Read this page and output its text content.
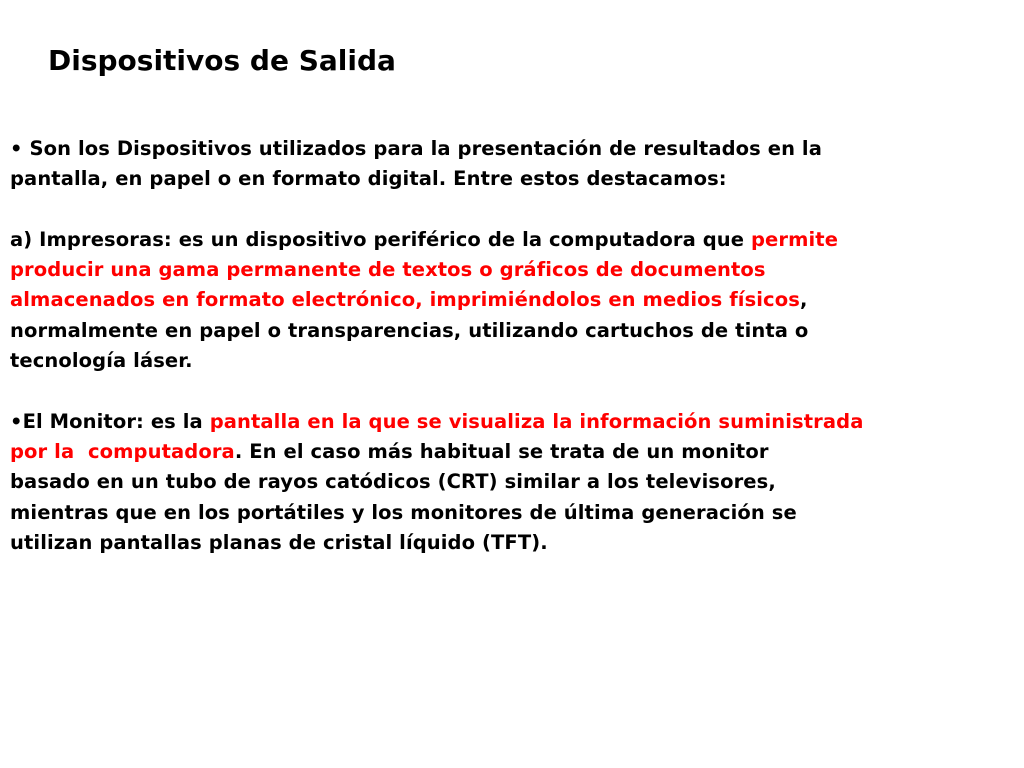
Dispositivos de Salida
• Son los Dispositivos utilizados para la presentación de resultados en la
pantalla, en papel o en formato digital. Entre estos destacamos:
a) Impresoras: es un dispositivo periférico de la computadora que permite
producir una gama permanente de textos o gráficos de documentos
almacenados en formato electrónico, imprimiéndolos en medios físicos,
normalmente en papel o transparencias, utilizando cartuchos de tinta o
tecnología láser.
•El Monitor: es la pantalla en la que se visualiza la información suministrada
por la  computadora. En el caso más habitual se trata de un monitor
basado en un tubo de rayos catódicos (CRT) similar a los televisores,
mientras que en los portátiles y los monitores de última generación se
utilizan pantallas planas de cristal líquido (TFT).
